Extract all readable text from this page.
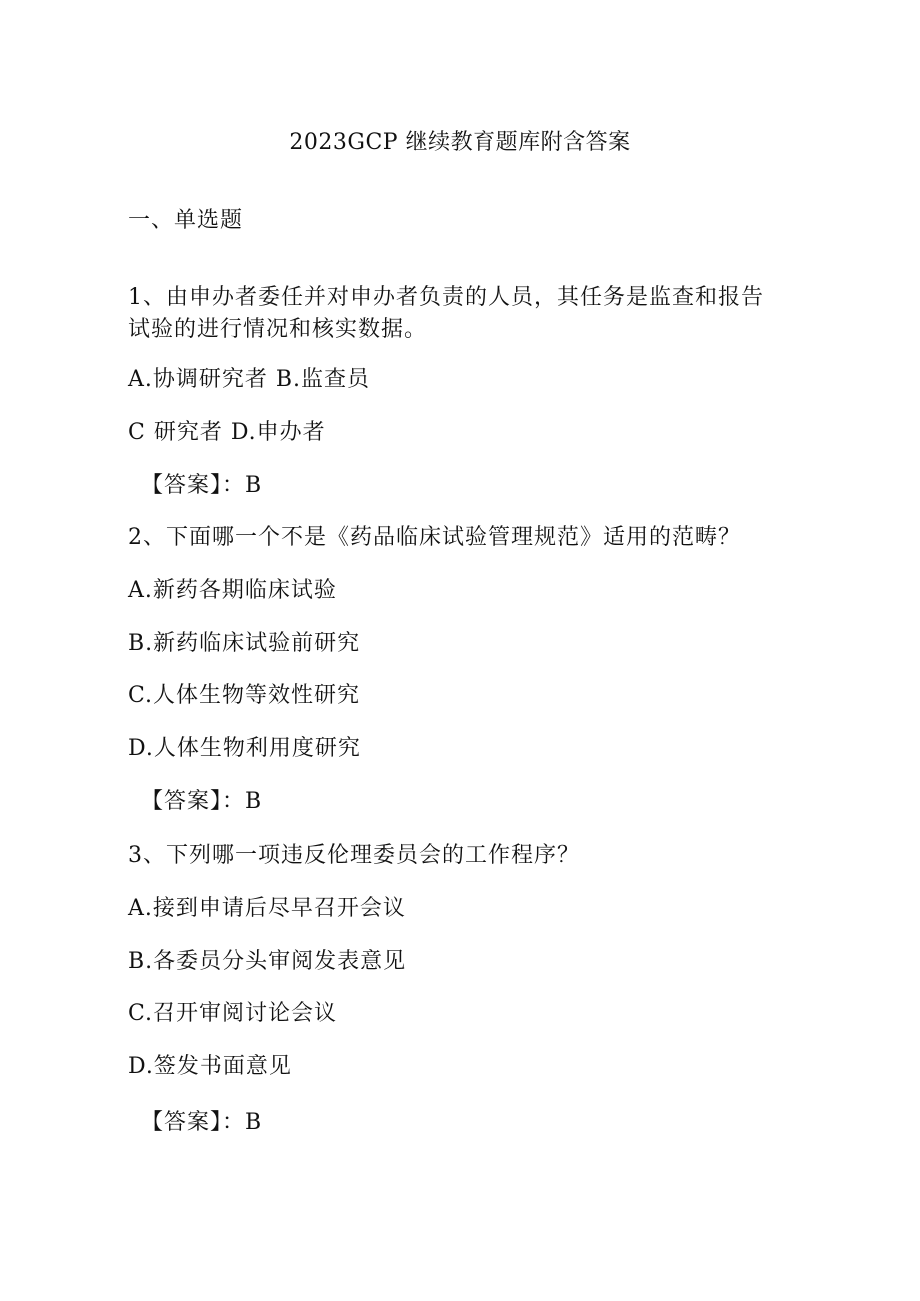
2023GCP 继续教育题库附含答案
一、单选题
1、由申办者委任并对申办者负责的人员，其任务是监查和报告
试验的进行情况和核实数据。
A.协调研究者 B.监查员
C 研究者 D.申办者
【答案】：B
2、下面哪一个不是《药品临床试验管理规范》适用的范畴？
A.新药各期临床试验
B.新药临床试验前研究
C.人体生物等效性研究
D.人体生物利用度研究
【答案】：B
3、下列哪一项违反伦理委员会的工作程序？
A.接到申请后尽早召开会议
B.各委员分头审阅发表意见
C.召开审阅讨论会议
D.签发书面意见
【答案】：B
